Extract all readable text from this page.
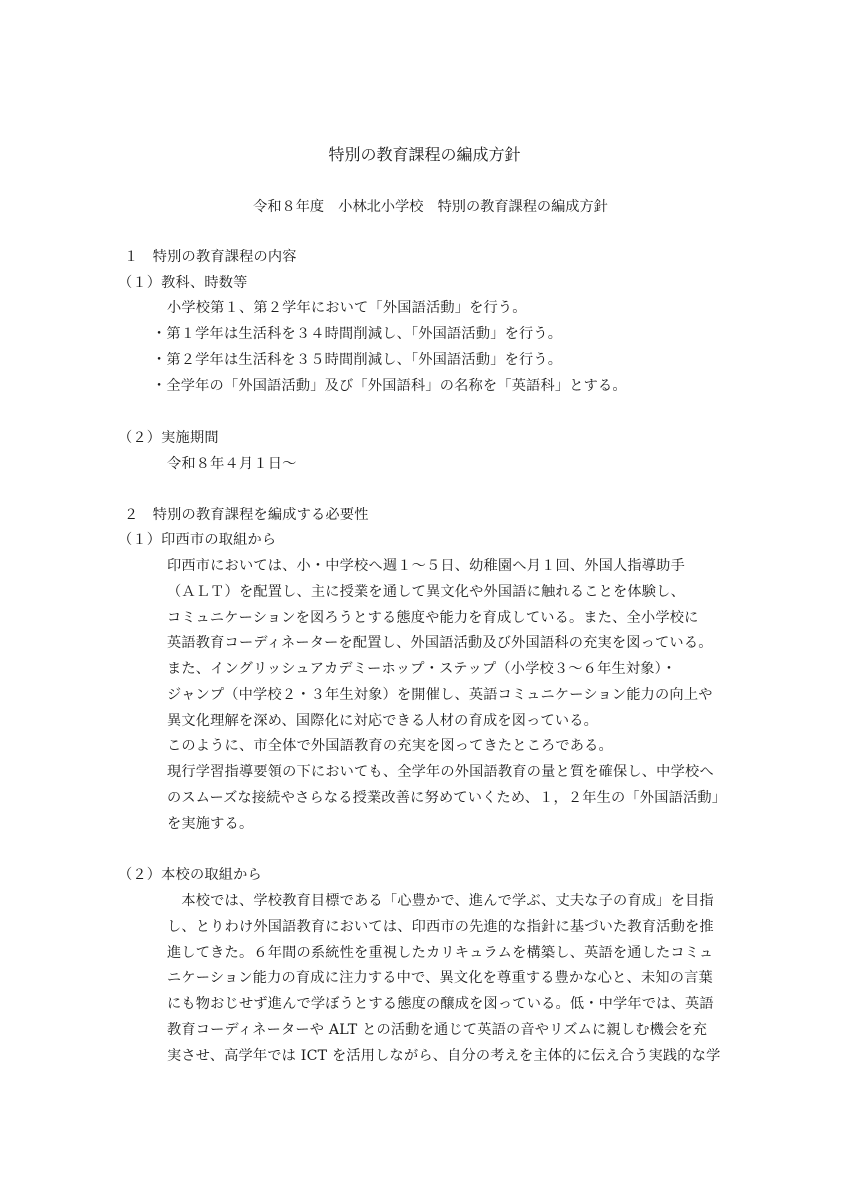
特別の教育課程の編成方針
令和８年度　小林北小学校　特別の教育課程の編成方針
１　特別の教育課程の内容
（１）教科、時数等
小学校第１、第２学年において「外国語活動」を行う。
・第１学年は生活科を３４時間削減し、「外国語活動」を行う。
・第２学年は生活科を３５時間削減し、「外国語活動」を行う。
・全学年の「外国語活動」及び「外国語科」の名称を「英語科」とする。
（２）実施期間
令和８年４月１日～
２　特別の教育課程を編成する必要性
（１）印西市の取組から
印西市においては、小・中学校へ週１～５日、幼稚園へ月１回、外国人指導助手
（ＡＬＴ）を配置し、主に授業を通して異文化や外国語に触れることを体験し、
コミュニケーションを図ろうとする態度や能力を育成している。また、全小学校に
英語教育コーディネーターを配置し、外国語活動及び外国語科の充実を図っている。
また、イングリッシュアカデミーホップ・ステップ（小学校３～６年生対象）・
ジャンプ（中学校２・３年生対象）を開催し、英語コミュニケーション能力の向上や
異文化理解を深め、国際化に対応できる人材の育成を図っている。
このように、市全体で外国語教育の充実を図ってきたところである。
現行学習指導要領の下においても、全学年の外国語教育の量と質を確保し、中学校へ
のスムーズな接続やさらなる授業改善に努めていくため、１，２年生の「外国語活動」
を実施する。
（２）本校の取組から
　本校では、学校教育目標である「心豊かで、進んで学ぶ、丈夫な子の育成」を目指
し、とりわけ外国語教育においては、印西市の先進的な指針に基づいた教育活動を推
進してきた。６年間の系統性を重視したカリキュラムを構築し、英語を通したコミュ
ニケーション能力の育成に注力する中で、異文化を尊重する豊かな心と、未知の言葉
にも物おじせず進んで学ぼうとする態度の醸成を図っている。低・中学年では、英語
教育コーディネーターや ALT との活動を通じて英語の音やリズムに親しむ機会を充
実させ、高学年では ICT を活用しながら、自分の考えを主体的に伝え合う実践的な学
